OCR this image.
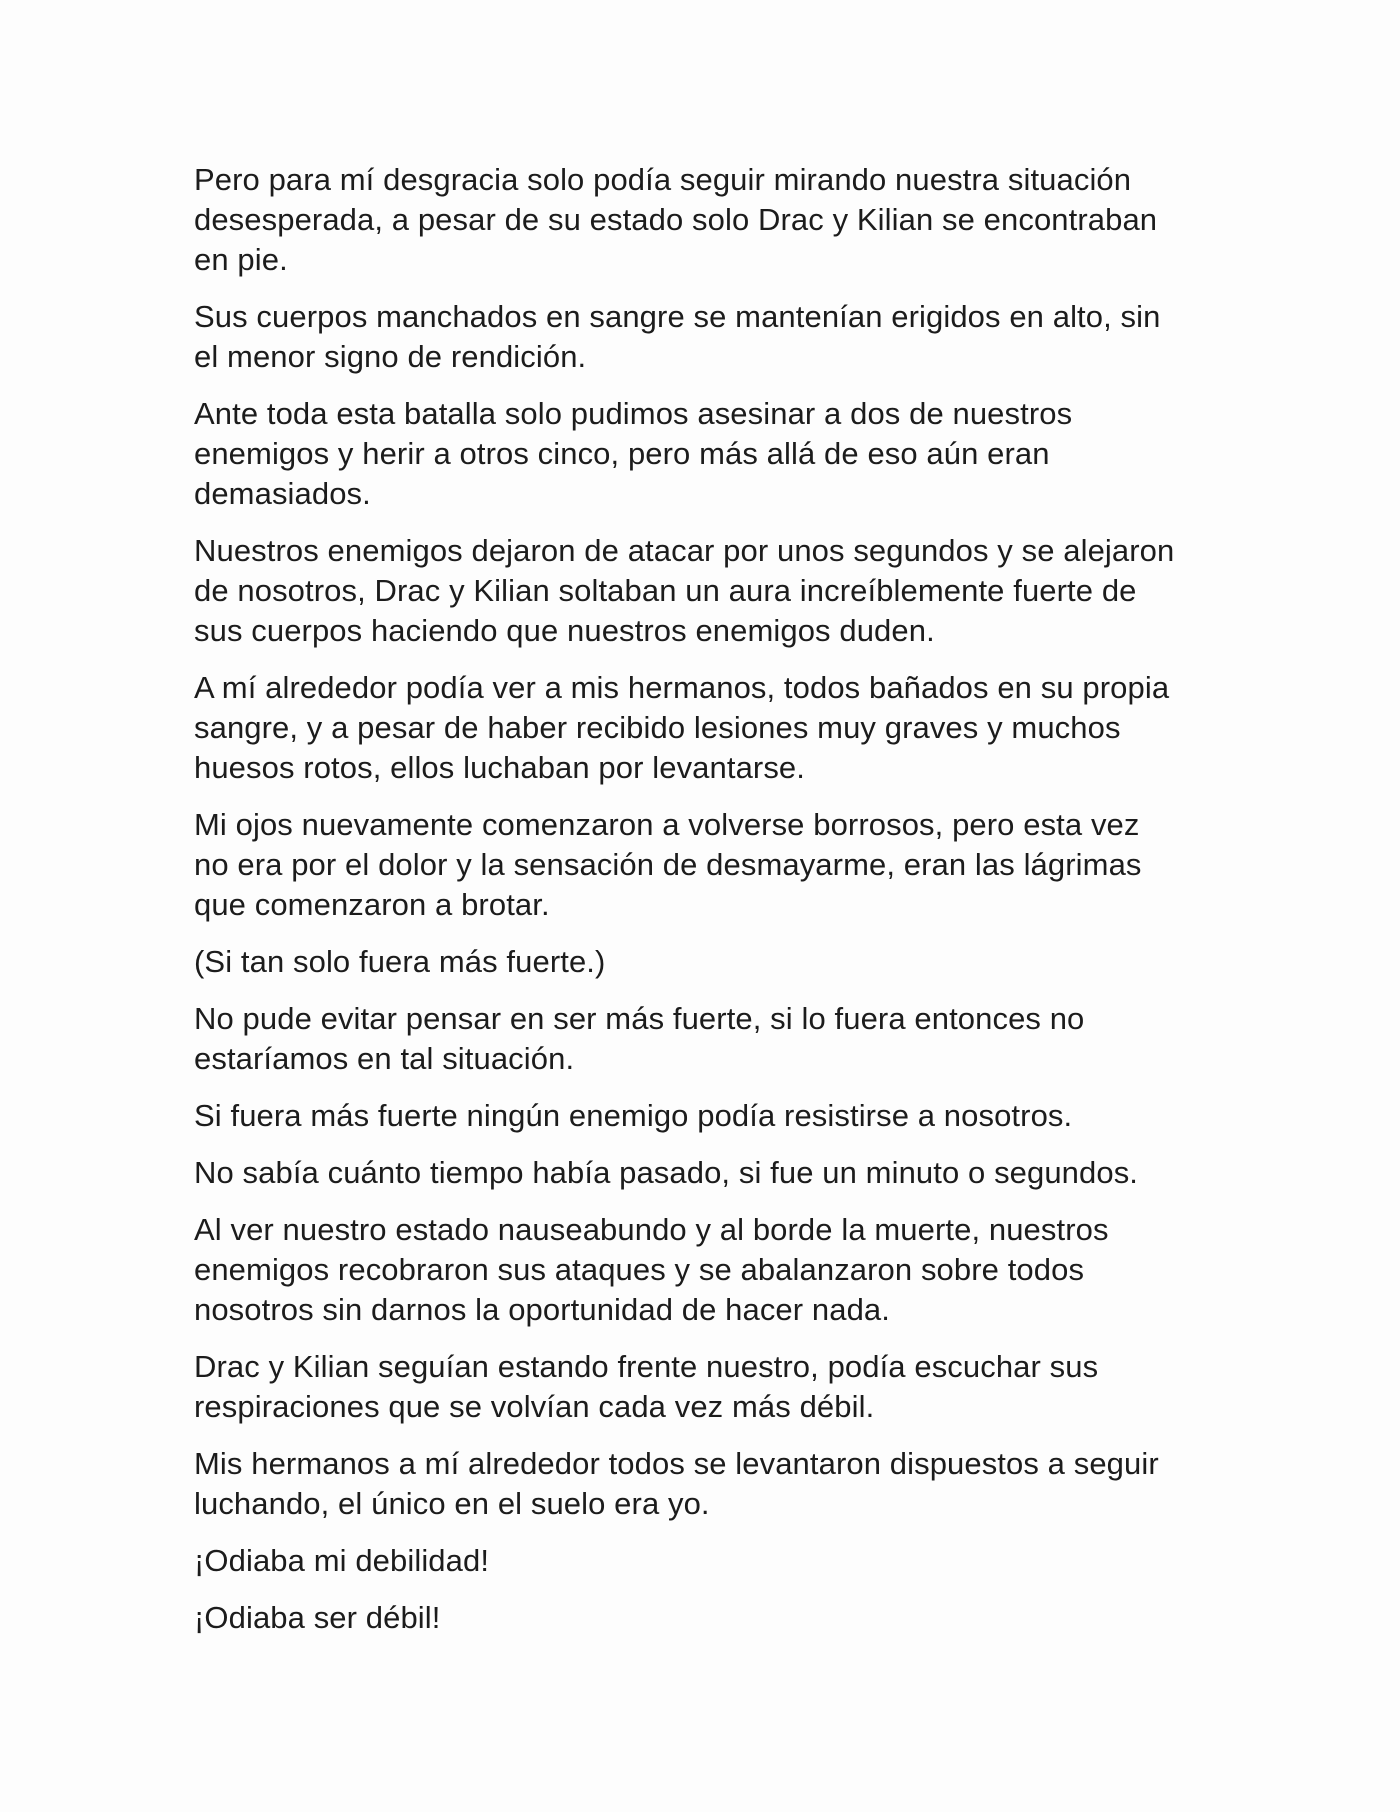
Pero para mí desgracia solo podía seguir mirando nuestra situación
desesperada, a pesar de su estado solo Drac y Kilian se encontraban
en pie.

Sus cuerpos manchados en sangre se mantenían erigidos en alto, sin
el menor signo de rendición.

Ante toda esta batalla solo pudimos asesinar a dos de nuestros
enemigos y herir a otros cinco, pero más allá de eso aún eran
demasiados.

Nuestros enemigos dejaron de atacar por unos segundos y se alejaron
de nosotros, Drac y Kilian soltaban un aura increíblemente fuerte de
sus cuerpos haciendo que nuestros enemigos duden.

A mí alrededor podía ver a mis hermanos, todos bañados en su propia
sangre, y a pesar de haber recibido lesiones muy graves y muchos
huesos rotos, ellos luchaban por levantarse.

Mi ojos nuevamente comenzaron a volverse borrosos, pero esta vez
no era por el dolor y la sensación de desmayarme, eran las lágrimas
que comenzaron a brotar.

(Si tan solo fuera más fuerte.)

No pude evitar pensar en ser más fuerte, si lo fuera entonces no
estaríamos en tal situación.

Si fuera más fuerte ningún enemigo podía resistirse a nosotros.

No sabía cuánto tiempo había pasado, si fue un minuto o segundos.

Al ver nuestro estado nauseabundo y al borde la muerte, nuestros
enemigos recobraron sus ataques y se abalanzaron sobre todos
nosotros sin darnos la oportunidad de hacer nada.

Drac y Kilian seguían estando frente nuestro, podía escuchar sus
respiraciones que se volvían cada vez más débil.

Mis hermanos a mí alrededor todos se levantaron dispuestos a seguir
luchando, el único en el suelo era yo.

¡Odiaba mi debilidad!

¡Odiaba ser débil!
